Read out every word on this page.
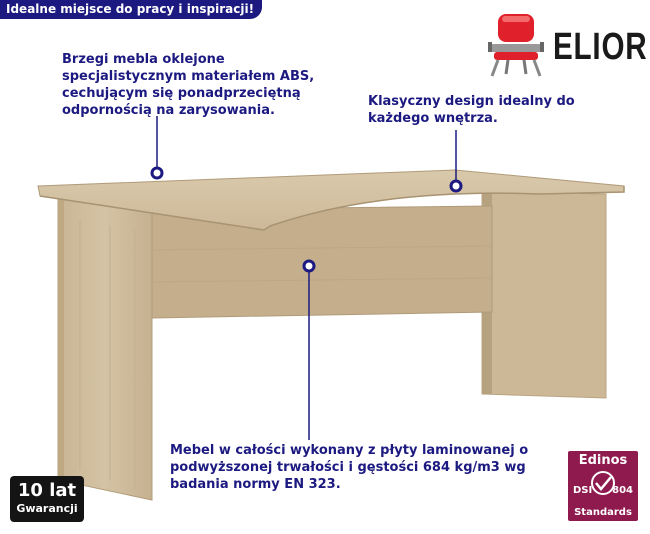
Idealne miejsce do pracy i inspiracji!
ELIOR
Brzegi mebla oklejone specjalistycznym materiałem ABS, cechującym się ponadprzeciętną odpornością na zarysowania.
Klasyczny design idealny do każdego wnętrza.
Mebel w całości wykonany z płyty laminowanej o podwyższonej trwałości i gęstości 684 kg/m3 wg badania normy EN 323.
10 lat
Gwarancji
Edinos
DSI 804
Standards
